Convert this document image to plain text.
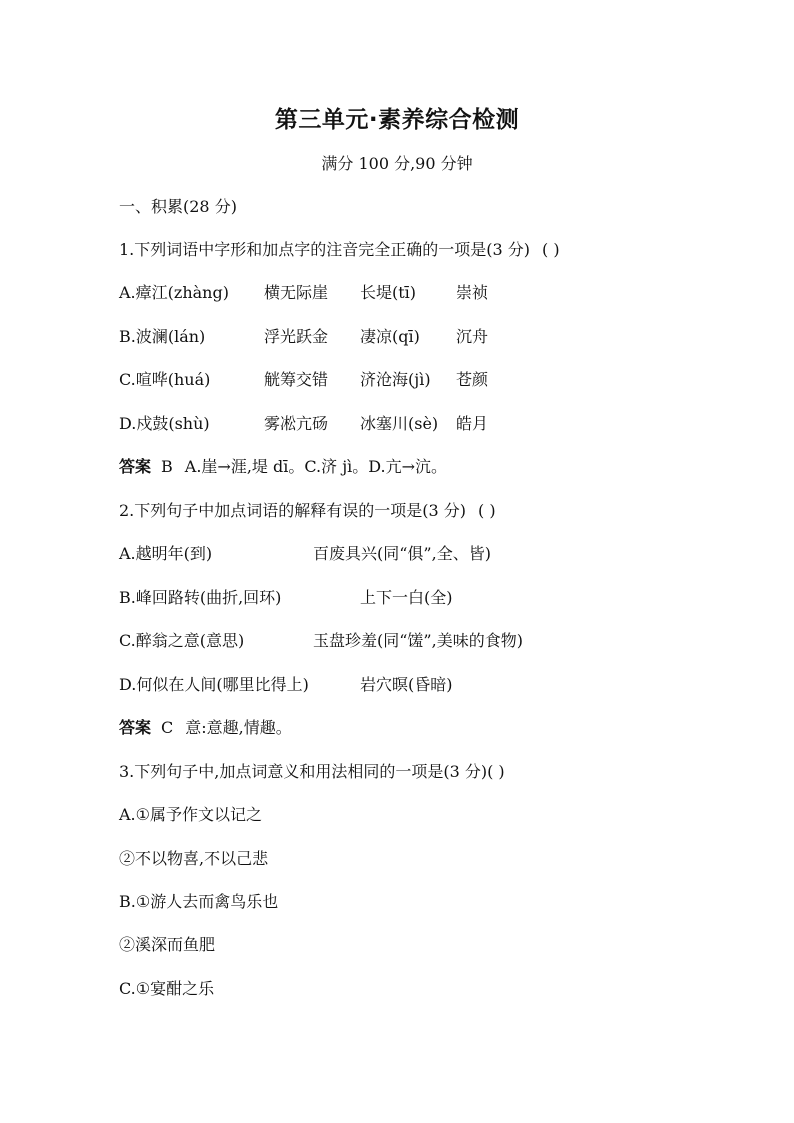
第三单元·素养综合检测
满分 100 分,90 分钟
一、积累(28 分)
1.下列词语中字形和加点字的注音完全正确的一项是(3 分) ( )
A.瘴江(zhàng) 横无际崖 长堤(tī) 崇祯
B.波澜(lán)	浮光跃金 凄凉(qī) 沉舟
C.喧哗(huá)	觥筹交错 济沧海(jì) 苍颜
D.戍鼓(shù)	雾凇亢砀 冰塞川(sè) 皓月
答案 B A.崖→涯,堤 dī。C.济 jì。D.亢→沆。
2.下列句子中加点词语的解释有误的一项是(3 分) ( )
A.越明年(到)	百废具兴(同“俱”,全、皆)
B.峰回路转(曲折,回环)	上下一白(全)
C.醉翁之意(意思)	玉盘珍羞(同“馐”,美味的食物)
D.何似在人间(哪里比得上)	岩穴暝(昏暗)
答案 C 意:意趣,情趣。
3.下列句子中,加点词意义和用法相同的一项是(3 分)( )
A.①属予作文以记之
②不以物喜,不以己悲
B.①游人去而禽鸟乐也
②溪深而鱼肥
C.①宴酣之乐
